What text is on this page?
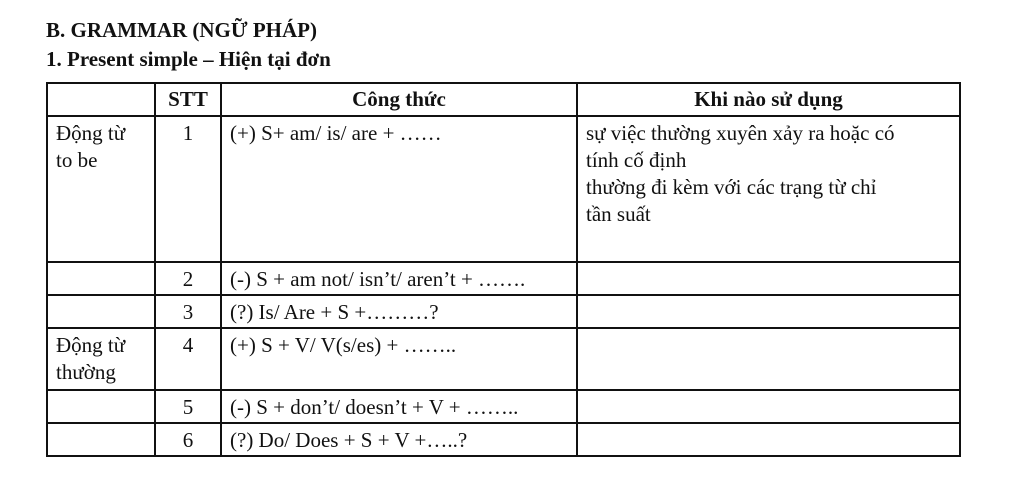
B. GRAMMAR (NGỮ PHÁP)
1. Present simple – Hiện tại đơn
	STT	Công thức	Khi nào sử dụng

Động từ to be	1	(+) S+ am/ is/ are + ……	sự việc thường xuyên xảy ra hoặc có
tính cố định
thường đi kèm với các trạng từ chỉ
tần suất

	2	(-) S + am not/ isn’t/ aren’t + …….	

	3	(?) Is/ Are + S +………?	

Động từ thường	4	(+) S + V/ V(s/es) + ……..	

	5	(-) S + don’t/ doesn’t + V + ……..	

	6	(?) Do/ Does + S + V +…..?	
